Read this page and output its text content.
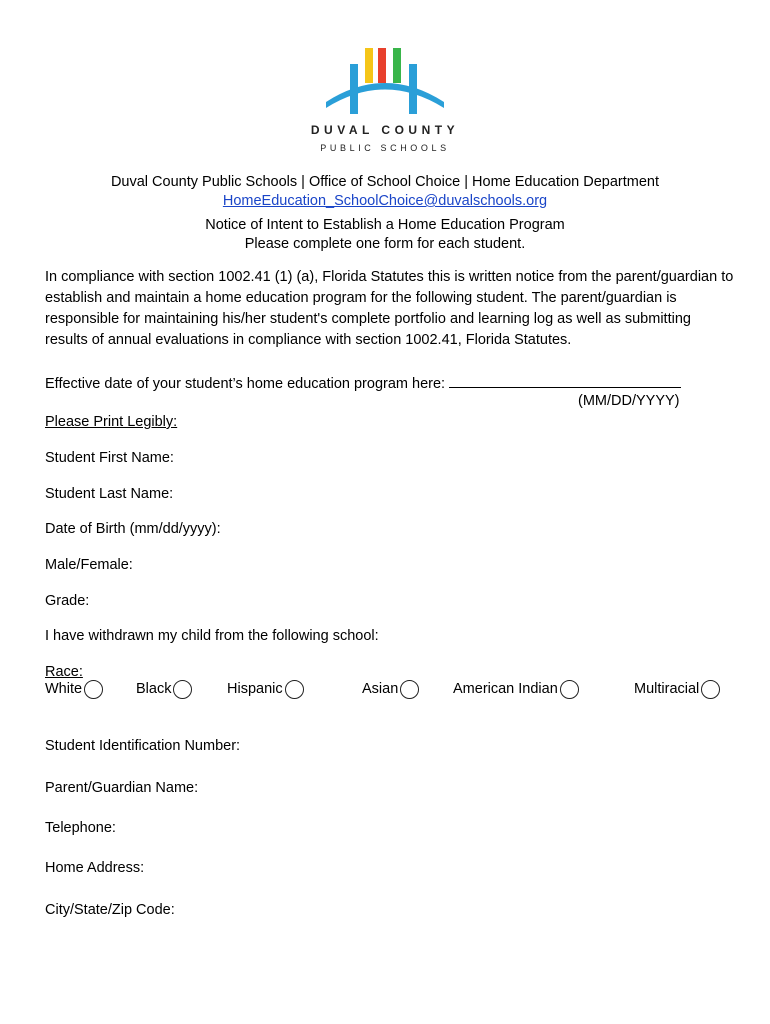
DUVAL COUNTY
PUBLIC SCHOOLS
Duval County Public Schools | Office of School Choice | Home Education Department
HomeEducation_SchoolChoice@duvalschools.org
Notice of Intent to Establish a Home Education Program
Please complete one form for each student.
In compliance with section 1002.41 (1) (a), Florida Statutes this is written notice from the parent/guardian to establish and maintain a home education program for the following student. The parent/guardian is responsible for maintaining his/her student's complete portfolio and learning log as well as submitting results of annual evaluations in compliance with section 1002.41, Florida Statutes.
Effective date of your student’s home education program here:
(MM/DD/YYYY)
Please Print Legibly:
Student First Name:
Student Last Name:
Date of Birth (mm/dd/yyyy):
Male/Female:
Grade:
I have withdrawn my child from the following school:
Race:
White	Black	Hispanic	Asian	American Indian	Multiracial
Student Identification Number:
Parent/Guardian Name:
Telephone:
Home Address:
City/State/Zip Code:
